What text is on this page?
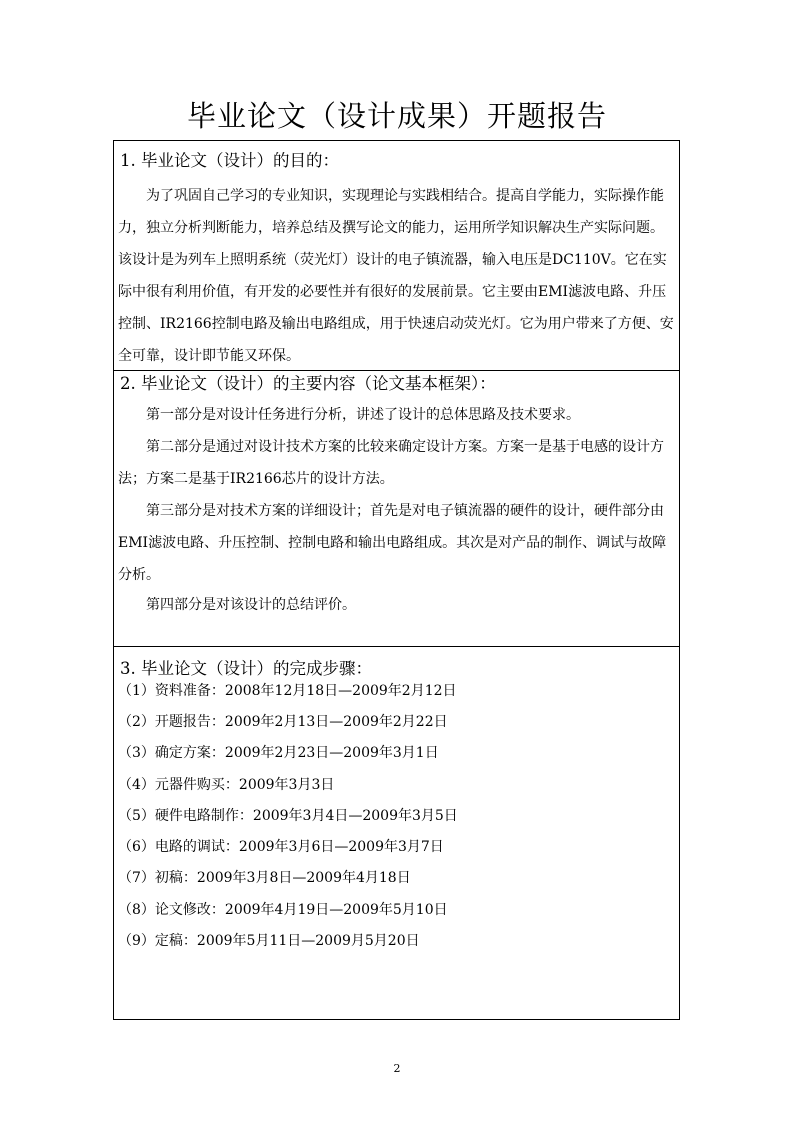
毕业论文（设计成果）开题报告
1. 毕业论文（设计）的目的：
为了巩固自己学习的专业知识，实现理论与实践相结合。提高自学能力，实际操作能力，独立分析判断能力，培养总结及撰写论文的能力，运用所学知识解决生产实际问题。该设计是为列车上照明系统（荧光灯）设计的电子镇流器，输入电压是DC110V。它在实际中很有利用价值，有开发的必要性并有很好的发展前景。它主要由EMI滤波电路、升压控制、IR2166控制电路及输出电路组成，用于快速启动荧光灯。它为用户带来了方便、安全可靠，设计即节能又环保。
2. 毕业论文（设计）的主要内容（论文基本框架）：
第一部分是对设计任务进行分析，讲述了设计的总体思路及技术要求。
第二部分是通过对设计技术方案的比较来确定设计方案。方案一是基于电感的设计方法；方案二是基于IR2166芯片的设计方法。
第三部分是对技术方案的详细设计；首先是对电子镇流器的硬件的设计，硬件部分由EMI滤波电路、升压控制、控制电路和输出电路组成。其次是对产品的制作、调试与故障分析。
第四部分是对该设计的总结评价。
3. 毕业论文（设计）的完成步骤：
（1）资料准备：2008年12月18日—2009年2月12日
（2）开题报告：2009年2月13日—2009年2月22日
（3）确定方案：2009年2月23日—2009年3月1日
（4）元器件购买：2009年3月3日
（5）硬件电路制作：2009年3月4日—2009年3月5日
（6）电路的调试：2009年3月6日—2009年3月7日
（7）初稿：2009年3月8日—2009年4月18日
（8）论文修改：2009年4月19日—2009年5月10日
（9）定稿：2009年5月11日—2009月5月20日
2
